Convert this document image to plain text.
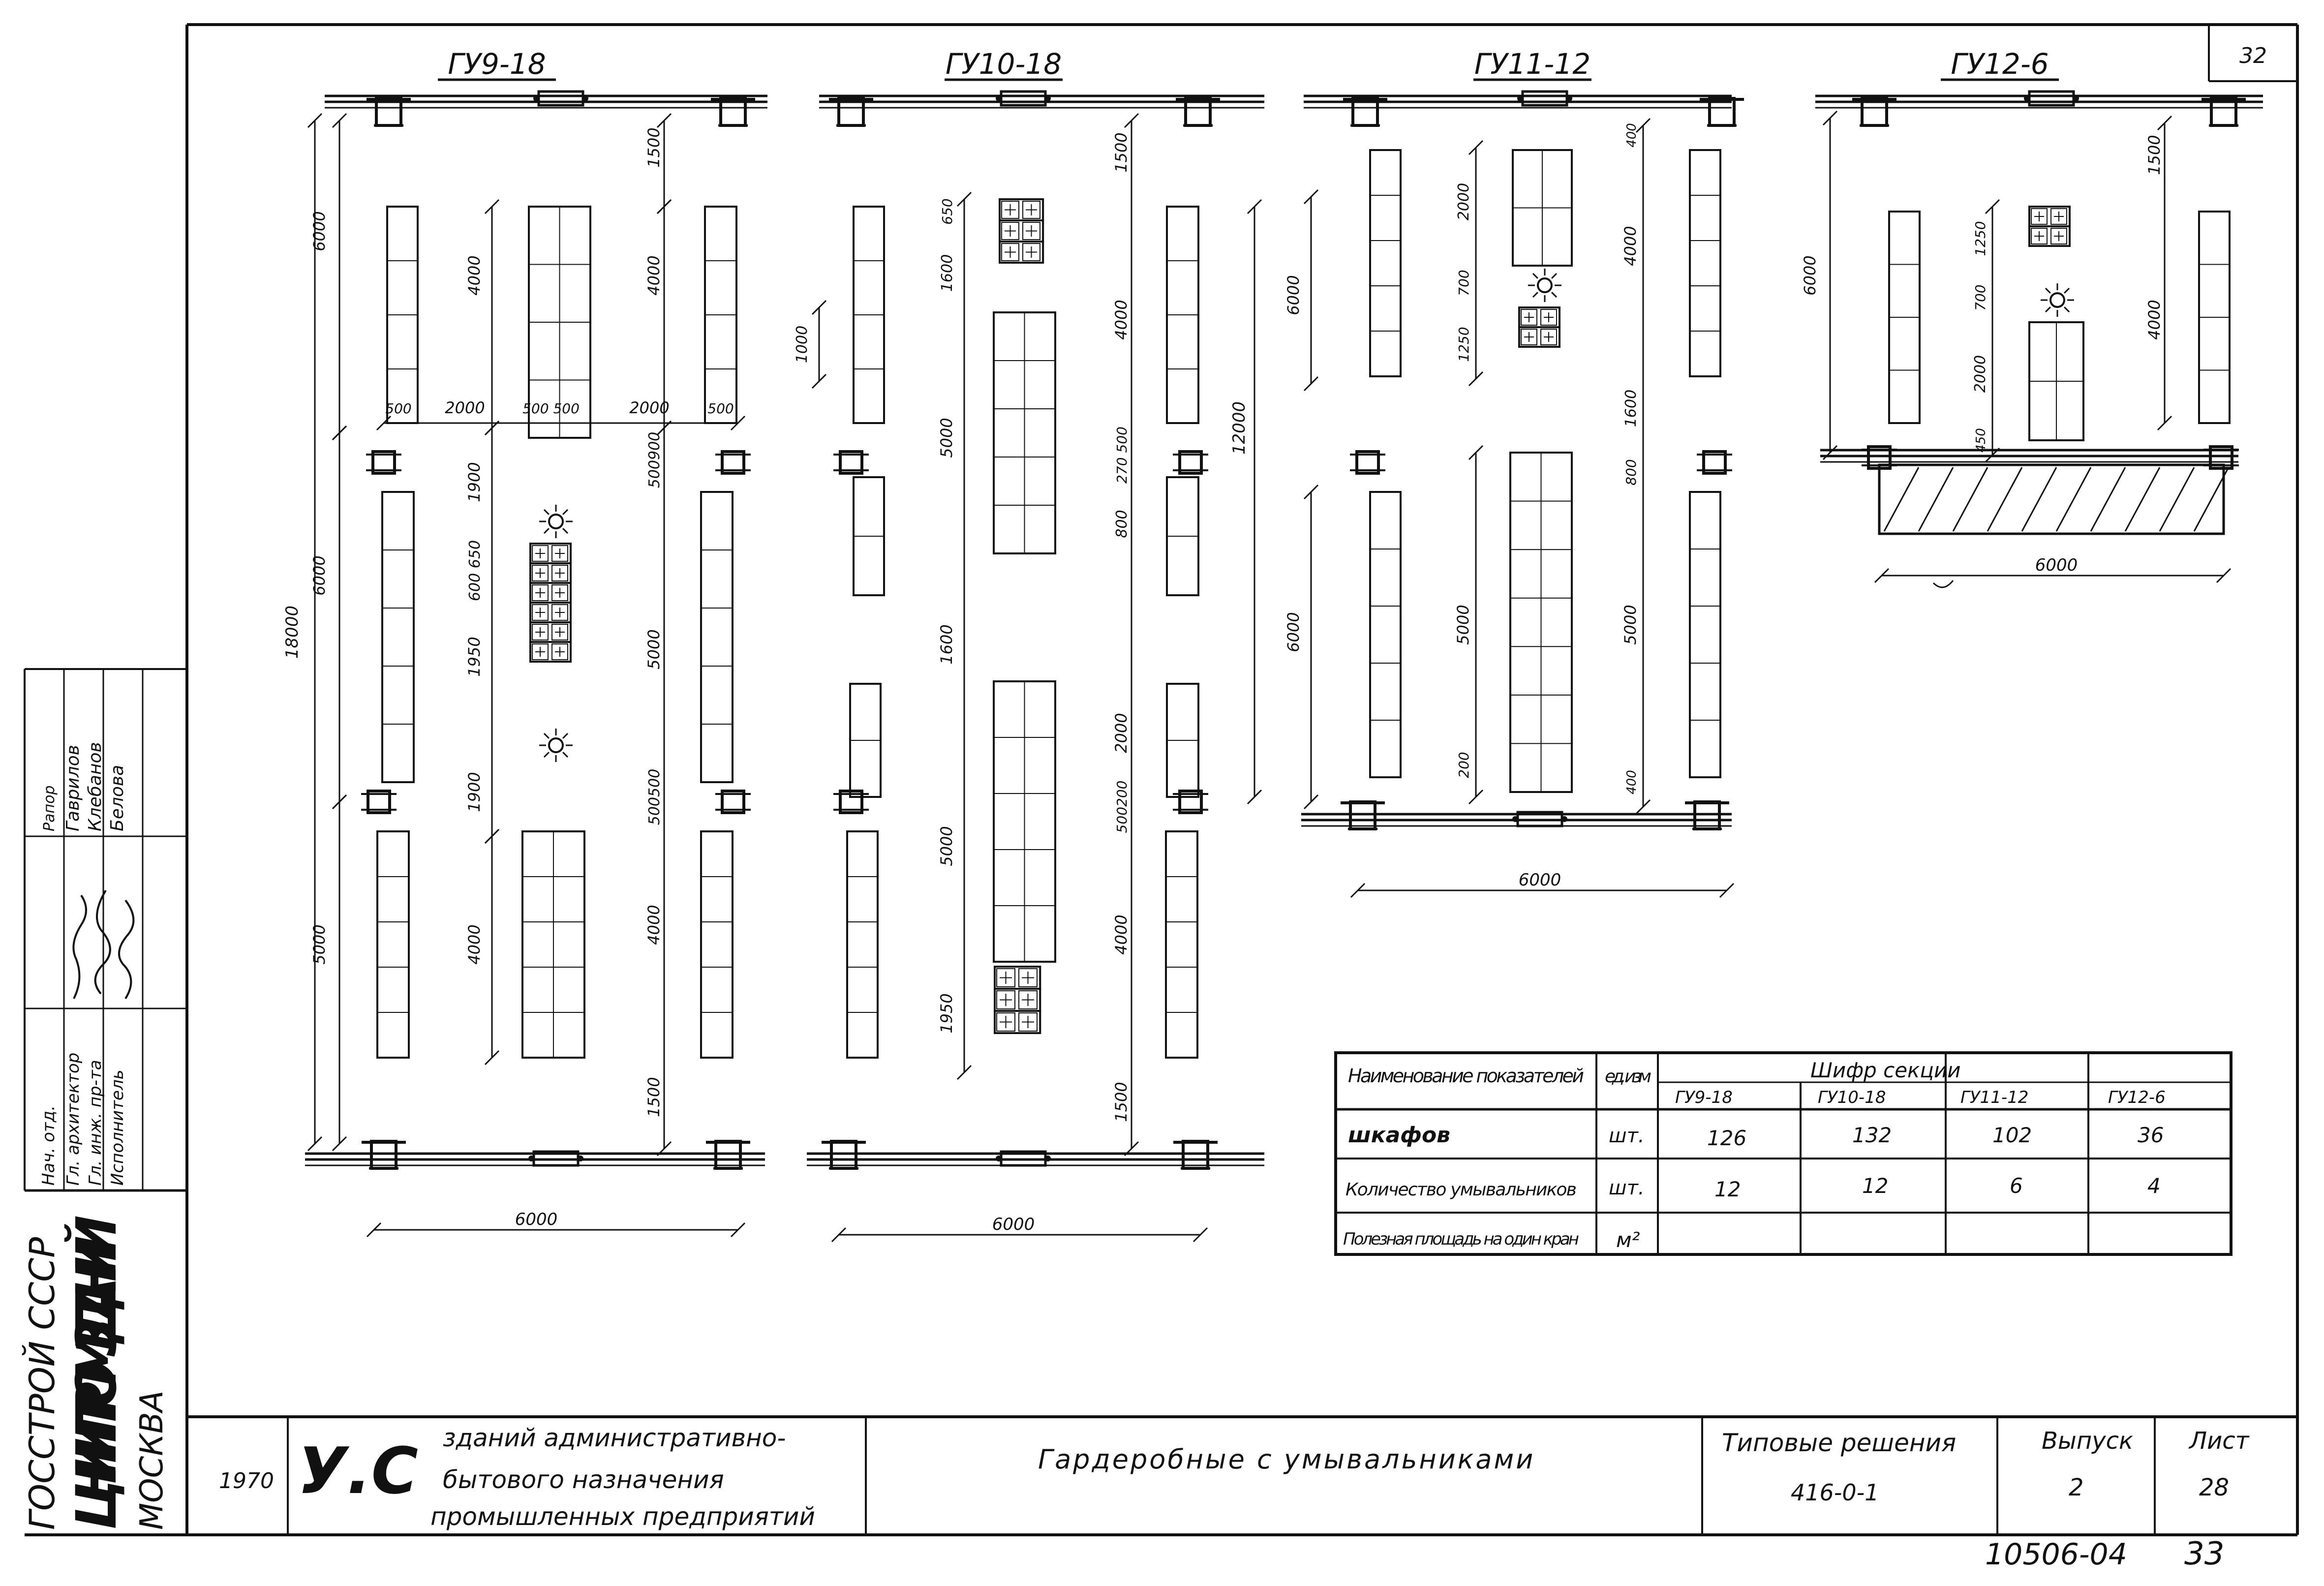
32
Нач. отд. Гл. архитектор Гл. инж. пр-та Исполнитель
Рапор Гаврилов Клебанов Белова
ГОССТРОЙ СССР ЦНИИПРОМЗДАНИЙ
МОСКВА 1970 У.С зданий административно-
бытового назначения
промышленных предприятий
Гардеробные с умывальниками
Типовые решения
416-0-1
Выпуск
2
Лист
28
10506-04 33
ГУ9-18
18000
6000
6000
5000
4000
1900
1950
1900
600 650
4000
1500
4000
500900
5000
500500
4000
1500
500 2000	500 500	2000	500
6000
ГУ10-18
1000
650
1600
5000
1600
5000
1950
1500
4000
270 500
800
2000
500200
4000
1500
12000
6000
ГУ11-12
6000
6000
2000
700
1250
5000
200
400
4000
1600
800
5000
400
6000
ГУ12-6
6000
1250
700
2000
450
1500
4000
6000
Наименование показателей ед. изм	Шифр секции
ГУ9-18	ГУ10-18	ГУ11-12	ГУ12-6
шкафов	шт.	126	132	102	36
Количество умывальников шт.	12	12	6	4
Полезная площадь на один кран м²
